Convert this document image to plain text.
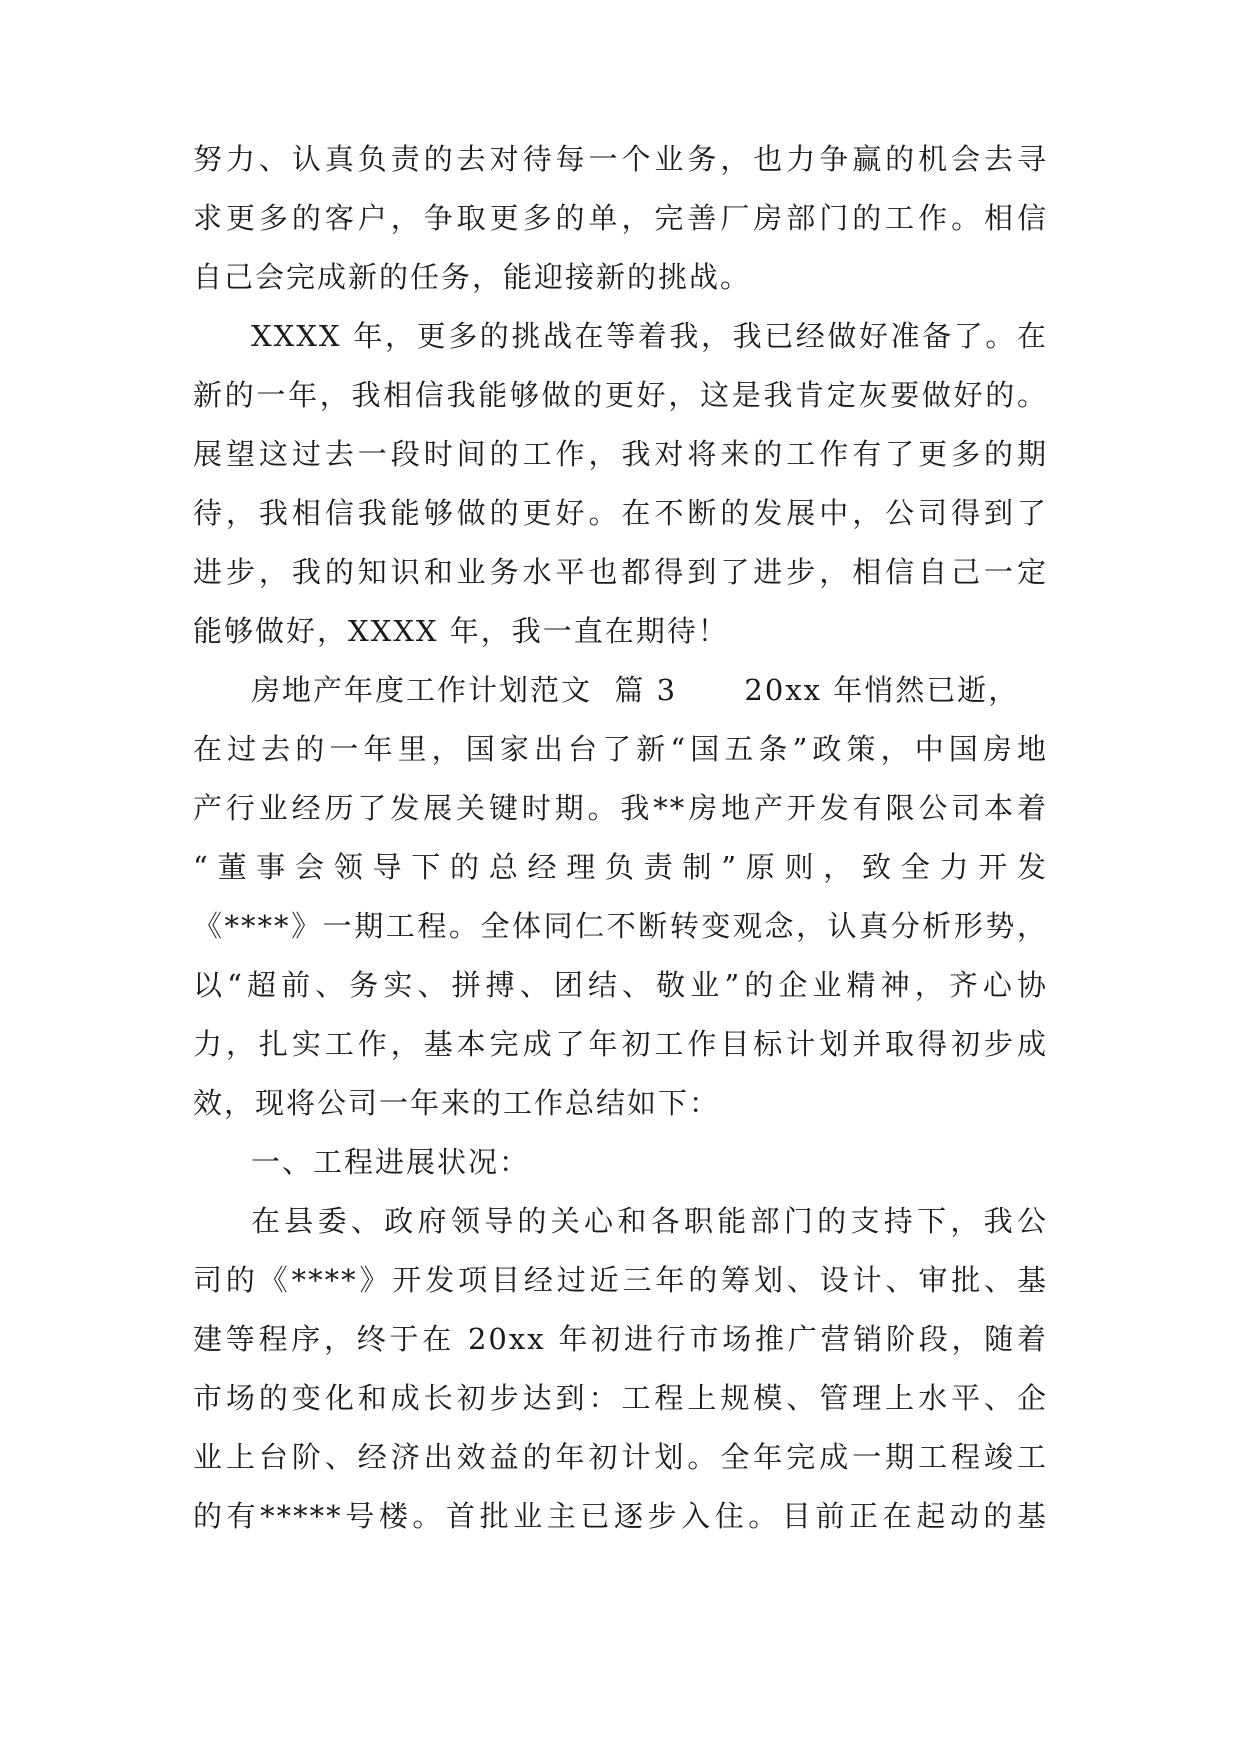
努力、认真负责的去对待每一个业务，也力争赢的机会去寻
求更多的客户，争取更多的单，完善厂房部门的工作。相信
自己会完成新的任务，能迎接新的挑战。
XXXX 年，更多的挑战在等着我，我已经做好准备了。在
新的一年，我相信我能够做的更好，这是我肯定灰要做好的。
展望这过去一段时间的工作，我对将来的工作有了更多的期
待，我相信我能够做的更好。在不断的发展中，公司得到了
进步，我的知识和业务水平也都得到了进步，相信自己一定
能够做好，XXXX 年，我一直在期待！
房地产年度工作计划范文  篇 3      20xx 年悄然已逝，
在过去的一年里，国家出台了新“国五条”政策，中国房地
产行业经历了发展关键时期。我**房地产开发有限公司本着
“董事会领导下的总经理负责制”原则，致全力开发
《****》一期工程。全体同仁不断转变观念，认真分析形势，
以“超前、务实、拼搏、团结、敬业”的企业精神，齐心协
力，扎实工作，基本完成了年初工作目标计划并取得初步成
效，现将公司一年来的工作总结如下：
一、工程进展状况：
在县委、政府领导的关心和各职能部门的支持下，我公
司的《****》开发项目经过近三年的筹划、设计、审批、基
建等程序，终于在 20xx 年初进行市场推广营销阶段，随着
市场的变化和成长初步达到：工程上规模、管理上水平、企
业上台阶、经济出效益的年初计划。全年完成一期工程竣工
的有*****号楼。首批业主已逐步入住。目前正在起动的基
